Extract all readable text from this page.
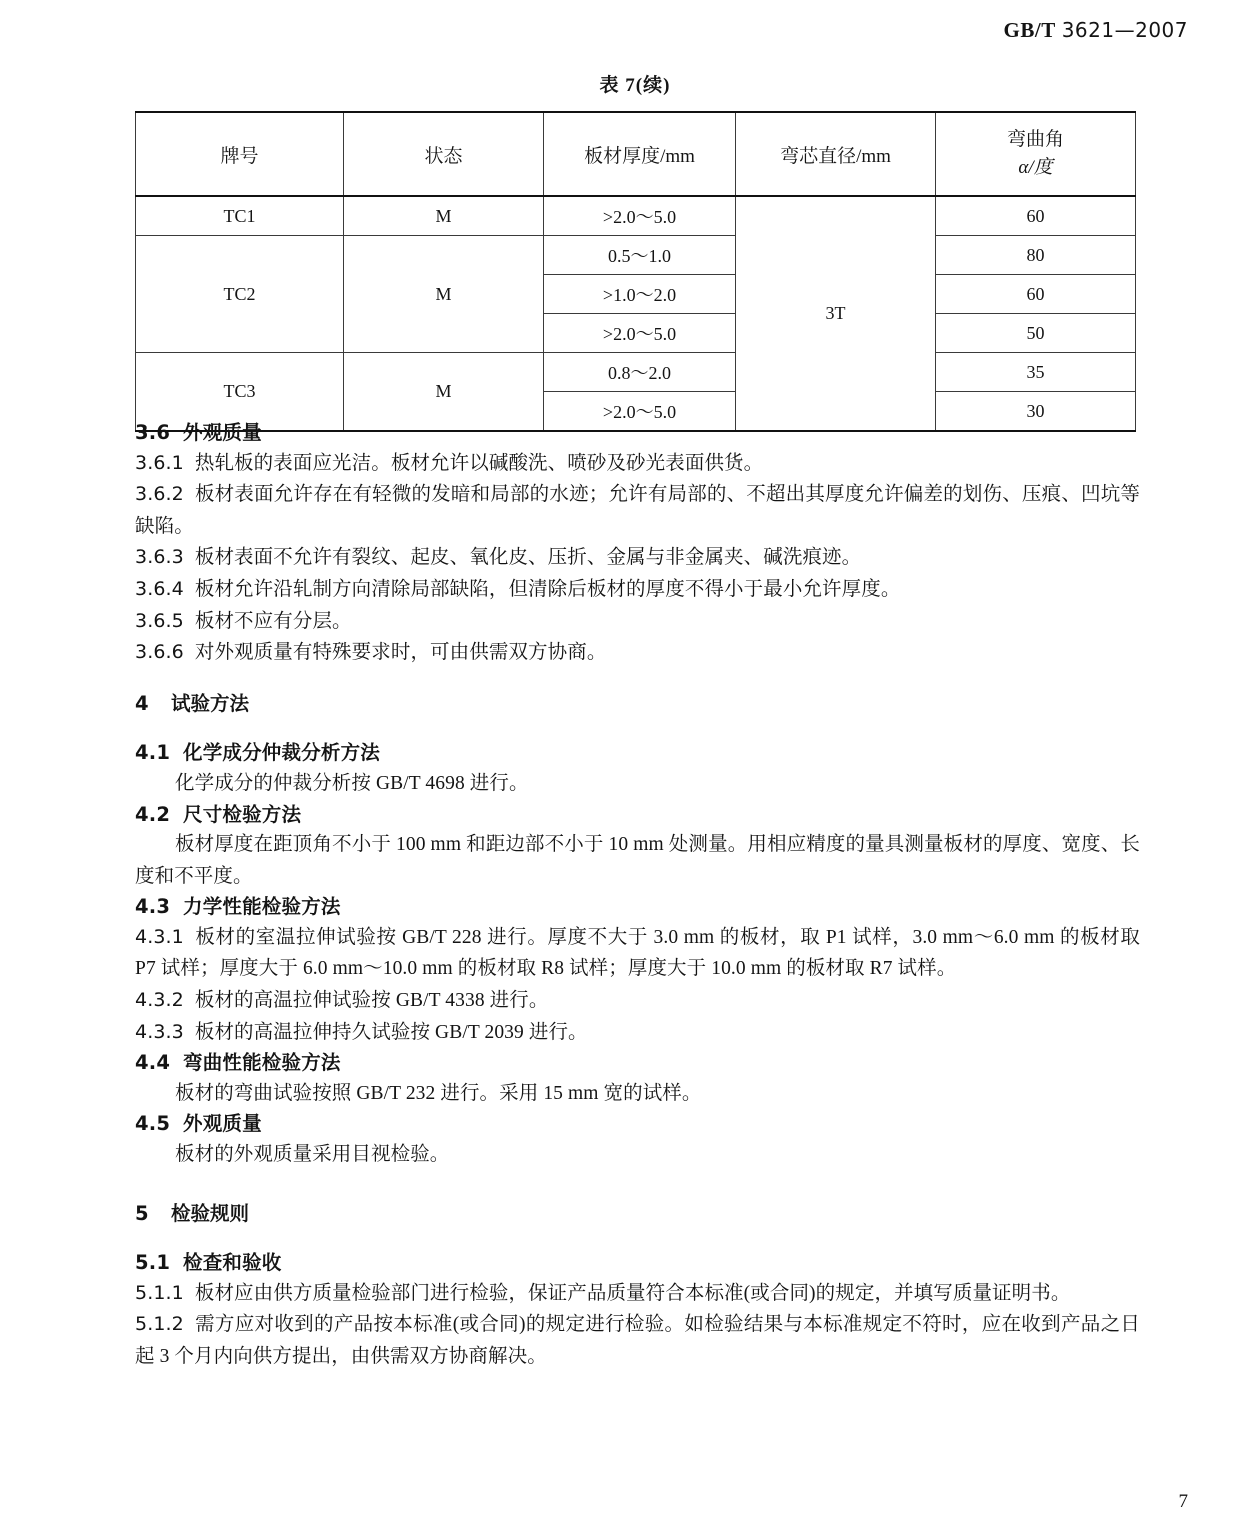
GB/T 3621—2007
表 7(续)
牌号	状态	板材厚度/mm	弯芯直径/mm	弯曲角
α/度

TC1	M	>2.0～5.0	3T	60
TC2	M	0.5～1.0		80
		>1.0～2.0		60
		>2.0～5.0		50
TC3	M	0.8～2.0		35
		>2.0～5.0		30
3.6 外观质量

3.6.1 热轧板的表面应光洁。板材允许以碱酸洗、喷砂及砂光表面供货。

3.6.2 板材表面允许存在有轻微的发暗和局部的水迹；允许有局部的、不超出其厚度允许偏差的划伤、压痕、凹坑等缺陷。

3.6.3 板材表面不允许有裂纹、起皮、氧化皮、压折、金属与非金属夹、碱洗痕迹。

3.6.4 板材允许沿轧制方向清除局部缺陷，但清除后板材的厚度不得小于最小允许厚度。

3.6.5 板材不应有分层。

3.6.6 对外观质量有特殊要求时，可由供需双方协商。

4 试验方法
4.1 化学成分仲裁分析方法

化学成分的仲裁分析按 GB/T 4698 进行。

4.2 尺寸检验方法

板材厚度在距顶角不小于 100 mm 和距边部不小于 10 mm 处测量。用相应精度的量具测量板材的厚度、宽度、长度和不平度。

4.3 力学性能检验方法

4.3.1 板材的室温拉伸试验按 GB/T 228 进行。厚度不大于 3.0 mm 的板材，取 P1 试样，3.0 mm～6.0 mm 的板材取 P7 试样；厚度大于 6.0 mm～10.0 mm 的板材取 R8 试样；厚度大于 10.0 mm 的板材取 R7 试样。

4.3.2 板材的高温拉伸试验按 GB/T 4338 进行。

4.3.3 板材的高温拉伸持久试验按 GB/T 2039 进行。

4.4 弯曲性能检验方法

板材的弯曲试验按照 GB/T 232 进行。采用 15 mm 宽的试样。

4.5 外观质量

板材的外观质量采用目视检验。

5 检验规则
5.1 检查和验收

5.1.1 板材应由供方质量检验部门进行检验，保证产品质量符合本标准(或合同)的规定，并填写质量证明书。

5.1.2 需方应对收到的产品按本标准(或合同)的规定进行检验。如检验结果与本标准规定不符时，应在收到产品之日起 3 个月内向供方提出，由供需双方协商解决。

7
